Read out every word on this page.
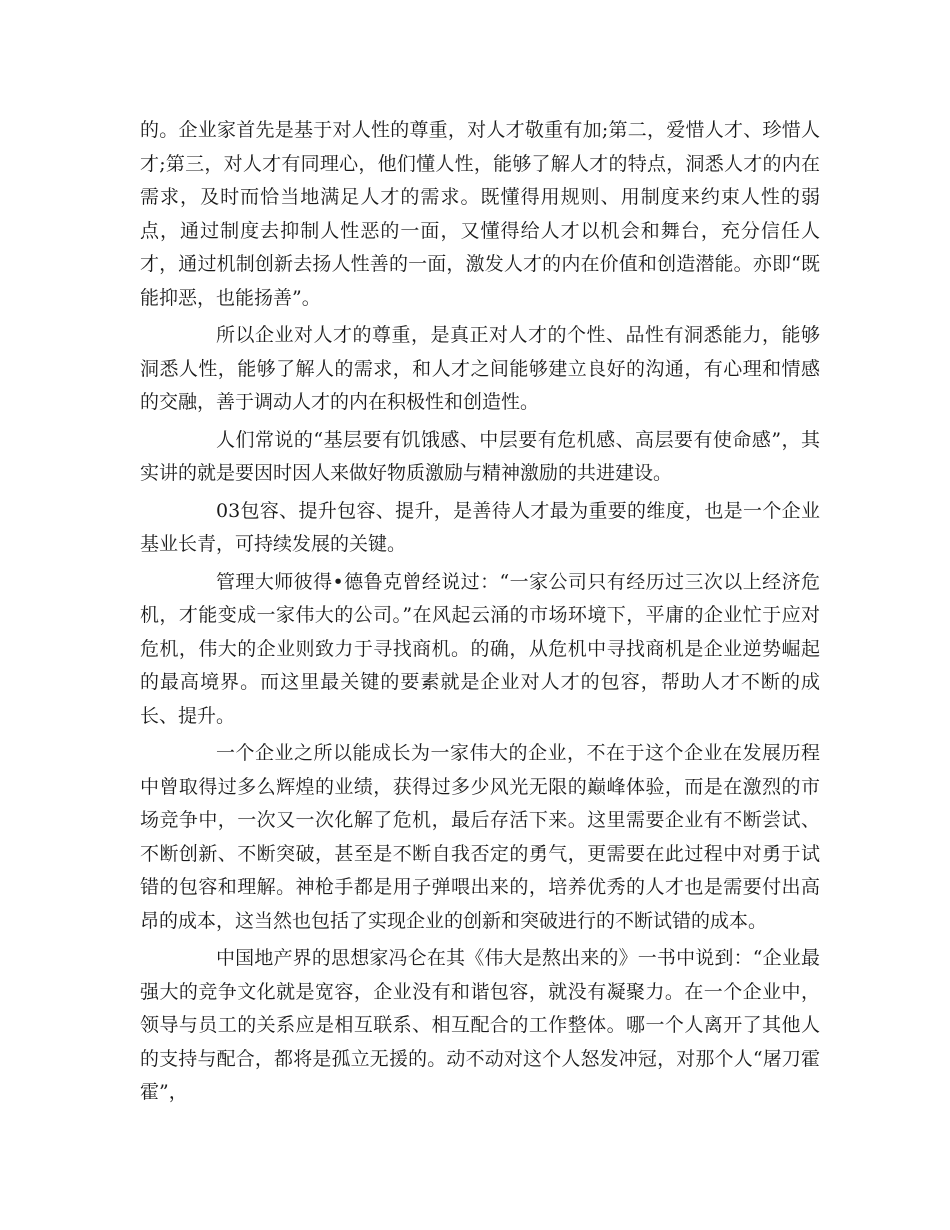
的。企业家首先是基于对人性的尊重，对人才敬重有加;第二，爱惜人才、珍惜人才;第三，对人才有同理心，他们懂人性，能够了解人才的特点，洞悉人才的内在需求，及时而恰当地满足人才的需求。既懂得用规则、用制度来约束人性的弱点，通过制度去抑制人性恶的一面，又懂得给人才以机会和舞台，充分信任人才，通过机制创新去扬人性善的一面，激发人才的内在价值和创造潜能。亦即“既能抑恶，也能扬善”。

所以企业对人才的尊重，是真正对人才的个性、品性有洞悉能力，能够洞悉人性，能够了解人的需求，和人才之间能够建立良好的沟通，有心理和情感的交融，善于调动人才的内在积极性和创造性。

人们常说的“基层要有饥饿感、中层要有危机感、高层要有使命感”，其实讲的就是要因时因人来做好物质激励与精神激励的共进建设。

03包容、提升包容、提升，是善待人才最为重要的维度，也是一个企业基业长青，可持续发展的关键。

管理大师彼得•德鲁克曾经说过：“一家公司只有经历过三次以上经济危机，才能变成一家伟大的公司。”在风起云涌的市场环境下，平庸的企业忙于应对危机，伟大的企业则致力于寻找商机。的确，从危机中寻找商机是企业逆势崛起的最高境界。而这里最关键的要素就是企业对人才的包容，帮助人才不断的成长、提升。

一个企业之所以能成长为一家伟大的企业，不在于这个企业在发展历程中曾取得过多么辉煌的业绩，获得过多少风光无限的巅峰体验，而是在激烈的市场竞争中，一次又一次化解了危机，最后存活下来。这里需要企业有不断尝试、不断创新、不断突破，甚至是不断自我否定的勇气，更需要在此过程中对勇于试错的包容和理解。神枪手都是用子弹喂出来的，培养优秀的人才也是需要付出高昂的成本，这当然也包括了实现企业的创新和突破进行的不断试错的成本。

中国地产界的思想家冯仑在其《伟大是熬出来的》一书中说到：“企业最强大的竞争文化就是宽容，企业没有和谐包容，就没有凝聚力。在一个企业中，领导与员工的关系应是相互联系、相互配合的工作整体。哪一个人离开了其他人的支持与配合，都将是孤立无援的。动不动对这个人怒发冲冠，对那个人“屠刀霍霍”，
